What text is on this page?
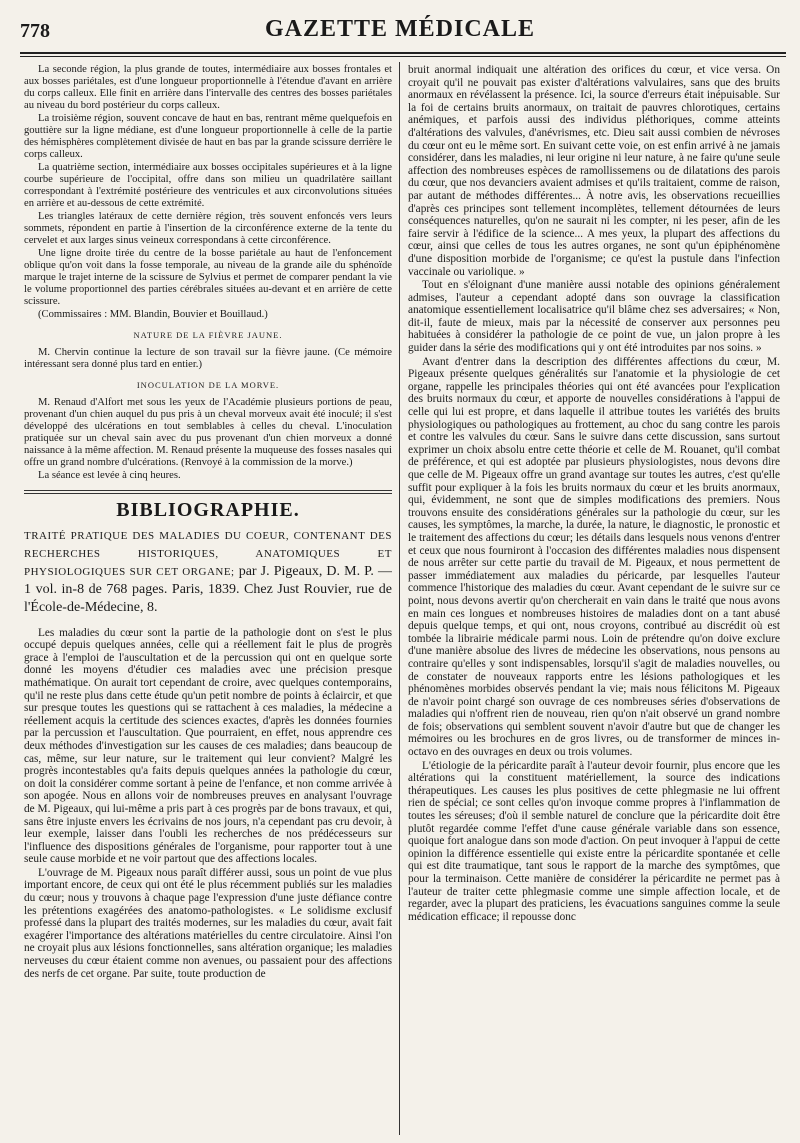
778	GAZETTE MÉDICALE

La seconde région, la plus grande de toutes, intermédiaire aux bosses frontales et aux bosses pariétales, est d'une longueur proportionnelle à l'étendue d'avant en arrière du corps calleux. Elle finit en arrière dans l'intervalle des centres des bosses pariétales au niveau du bord postérieur du corps calleux.

La troisième région, souvent concave de haut en bas, rentrant même quelquefois en gouttière sur la ligne médiane, est d'une longueur proportionnelle à celle de la partie des hémisphères complètement divisée de haut en bas par la grande scissure derrière le corps calleux.

La quatrième section, intermédiaire aux bosses occipitales supérieures et à la ligne courbe supérieure de l'occipital, offre dans son milieu un quadrilatère saillant correspondant à l'extrémité postérieure des ventricules et aux circonvolutions situées en arrière et au-dessous de cette extrémité.

Les triangles latéraux de cette dernière région, très souvent enfoncés vers leurs sommets, répondent en partie à l'insertion de la circonférence externe de la tente du cervelet et aux larges sinus veineux correspondans à cette circonférence.

Une ligne droite tirée du centre de la bosse pariétale au haut de l'enfoncement oblique qu'on voit dans la fosse temporale, au niveau de la grande aile du sphénoïde marque le trajet interne de la scissure de Sylvius et permet de comparer pendant la vie le volume proportionnel des parties cérébrales situées au-devant et en arrière de cette scissure.

(Commissaires : MM. Blandin, Bouvier et Bouillaud.)

NATURE DE LA FIÈVRE JAUNE.

M. Chervin continue la lecture de son travail sur la fièvre jaune. (Ce mémoire intéressant sera donné plus tard en entier.)

INOCULATION DE LA MORVE.

M. Renaud d'Alfort met sous les yeux de l'Académie plusieurs portions de peau, provenant d'un chien auquel du pus pris à un cheval morveux avait été inoculé; il s'est développé des ulcérations en tout semblables à celles du cheval. L'inoculation pratiquée sur un cheval sain avec du pus provenant d'un chien morveux a donné naissance à la même affection. M. Renaud présente la muqueuse des fosses nasales qui offre un grand nombre d'ulcérations. (Renvoyé à la commission de la morve.)

La séance est levée à cinq heures.

BIBLIOGRAPHIE.

TRAITÉ PRATIQUE DES MALADIES DU COEUR, CONTENANT DES RECHERCHES HISTORIQUES, ANATOMIQUES ET PHYSIOLOGIQUES SUR CET ORGANE; par J. Pigeaux, D. M. P. — 1 vol. in-8 de 768 pages. Paris, 1839. Chez Just Rouvier, rue de l'École-de-Médecine, 8.

Les maladies du cœur sont la partie de la pathologie dont on s'est le plus occupé depuis quelques années, celle qui a réellement fait le plus de progrès grace à l'emploi de l'auscultation et de la percussion qui ont en quelque sorte donné les moyens d'étudier ces maladies avec une précision presque mathématique. On aurait tort cependant de croire, avec quelques contemporains, qu'il ne reste plus dans cette étude qu'un petit nombre de points à éclaircir, et que sur presque toutes les questions qui se rattachent à ces maladies, la médecine a réellement acquis la certitude des sciences exactes, d'après les données fournies par la percussion et l'auscultation. Que pourraient, en effet, nous apprendre ces deux méthodes d'investigation sur les causes de ces maladies; dans beaucoup de cas, même, sur leur nature, sur le traitement qui leur convient? Malgré les progrès incontestables qu'a faits depuis quelques années la pathologie du cœur, on doit la considérer comme sortant à peine de l'enfance, et non comme arrivée à son apogée. Nous en allons voir de nombreuses preuves en analysant l'ouvrage de M. Pigeaux, qui lui-même a pris part à ces progrès par de bons travaux, et qui, sans être injuste envers les écrivains de nos jours, n'a cependant pas cru devoir, à leur exemple, laisser dans l'oubli les recherches de nos prédécesseurs sur l'influence des dispositions générales de l'organisme, pour rapporter tout à une seule cause morbide et ne voir partout que des affections locales.

L'ouvrage de M. Pigeaux nous paraît différer aussi, sous un point de vue plus important encore, de ceux qui ont été le plus récemment publiés sur les maladies du cœur; nous y trouvons à chaque page l'expression d'une juste défiance contre les prétentions exagérées des anatomo-pathologistes. « Le solidisme exclusif professé dans la plupart des traités modernes, sur les maladies du cœur, avait fait exagérer l'importance des altérations matérielles du centre circulatoire. Ainsi l'on ne croyait plus aux lésions fonctionnelles, sans altération organique; les maladies nerveuses du cœur étaient comme non avenues, ou passaient pour des affections des nerfs de cet organe. Par suite, toute production de

bruit anormal indiquait une altération des orifices du cœur, et vice versa. On croyait qu'il ne pouvait pas exister d'altérations valvulaires, sans que des bruits anormaux en révélassent la présence. Ici, la source d'erreurs était inépuisable. Sur la foi de certains bruits anormaux, on traitait de pauvres chlorotiques, certains anémiques, et parfois aussi des individus pléthoriques, comme atteints d'altérations des valvules, d'anévrismes, etc. Dieu sait aussi combien de névroses du cœur ont eu le même sort. En suivant cette voie, on est enfin arrivé à ne jamais considérer, dans les maladies, ni leur origine ni leur nature, à ne faire qu'une seule affection des nombreuses espèces de ramollissemens ou de dilatations des parois du cœur, que nos devanciers avaient admises et qu'ils traitaient, comme de raison, par autant de méthodes différentes... À notre avis, les observations recueillies d'après ces principes sont tellement incomplètes, tellement détournées de leurs conséquences naturelles, qu'on ne saurait ni les compter, ni les peser, afin de les faire servir à l'édifice de la science... A mes yeux, la plupart des affections du cœur, ainsi que celles de tous les autres organes, ne sont qu'un épiphénomène d'une disposition morbide de l'organisme; ce qu'est la pustule dans l'infection vaccinale ou variolique. »

Tout en s'éloignant d'une manière aussi notable des opinions généralement admises, l'auteur a cependant adopté dans son ouvrage la classification anatomique essentiellement localisatrice qu'il blâme chez ses adversaires; « Non, dit-il, faute de mieux, mais par la nécessité de conserver aux personnes peu habituées à considérer la pathologie de ce point de vue, un jalon propre à les guider dans la série des modifications qui y ont été introduites par nos soins. »

Avant d'entrer dans la description des différentes affections du cœur, M. Pigeaux présente quelques généralités sur l'anatomie et la physiologie de cet organe, rappelle les principales théories qui ont été avancées pour l'explication des bruits normaux du cœur, et apporte de nouvelles considérations à l'appui de celle qui lui est propre, et dans laquelle il attribue toutes les variétés des bruits physiologiques ou pathologiques au frottement, au choc du sang contre les parois et contre les valvules du cœur. Sans le suivre dans cette discussion, sans surtout exprimer un choix absolu entre cette théorie et celle de M. Rouanet, qu'il combat de préférence, et qui est adoptée par plusieurs physiologistes, nous devons dire que celle de M. Pigeaux offre un grand avantage sur toutes les autres, c'est qu'elle suffit pour expliquer à la fois les bruits normaux du cœur et les bruits anormaux, qui, évidemment, ne sont que de simples modifications des premiers. Nous trouvons ensuite des considérations générales sur la pathologie du cœur, sur les causes, les symptômes, la marche, la durée, la nature, le diagnostic, le pronostic et le traitement des affections du cœur; les détails dans lesquels nous venons d'entrer et ceux que nous fourniront à l'occasion des différentes maladies nous dispensent de nous arrêter sur cette partie du travail de M. Pigeaux, et nous permettent de passer immédiatement aux maladies du péricarde, par lesquelles l'auteur commence l'historique des maladies du cœur. Avant cependant de le suivre sur ce point, nous devons avertir qu'on chercherait en vain dans le traité que nous avons en main ces longues et nombreuses histoires de maladies dont on a tant abusé depuis quelque temps, et qui ont, nous croyons, contribué au discrédit où est tombée la librairie médicale parmi nous. Loin de prétendre qu'on doive exclure d'une manière absolue des livres de médecine les observations, nous pensons au contraire qu'elles y sont indispensables, lorsqu'il s'agit de maladies nouvelles, ou de constater de nouveaux rapports entre les lésions pathologiques et les phénomènes morbides observés pendant la vie; mais nous félicitons M. Pigeaux de n'avoir point chargé son ouvrage de ces nombreuses séries d'observations de maladies qui n'offrent rien de nouveau, rien qu'on n'ait observé un grand nombre de fois; observations qui semblent souvent n'avoir d'autre but que de changer les mémoires ou les brochures en de gros livres, ou de transformer de minces in-octavo en des ouvrages en deux ou trois volumes.

L'étiologie de la péricardite paraît à l'auteur devoir fournir, plus encore que les altérations qui la constituent matériellement, la source des indications thérapeutiques. Les causes les plus positives de cette phlegmasie ne lui offrent rien de spécial; ce sont celles qu'on invoque comme propres à l'inflammation de toutes les séreuses; d'où il semble naturel de conclure que la péricardite doit être plutôt regardée comme l'effet d'une cause générale variable dans son essence, quoique fort analogue dans son mode d'action. On peut invoquer à l'appui de cette opinion la différence essentielle qui existe entre la péricardite spontanée et celle qui est dite traumatique, tant sous le rapport de la marche des symptômes, que pour la terminaison. Cette manière de considérer la péricardite ne permet pas à l'auteur de traiter cette phlegmasie comme une simple affection locale, et de regarder, avec la plupart des praticiens, les évacuations sanguines comme la seule médication efficace; il repousse donc
